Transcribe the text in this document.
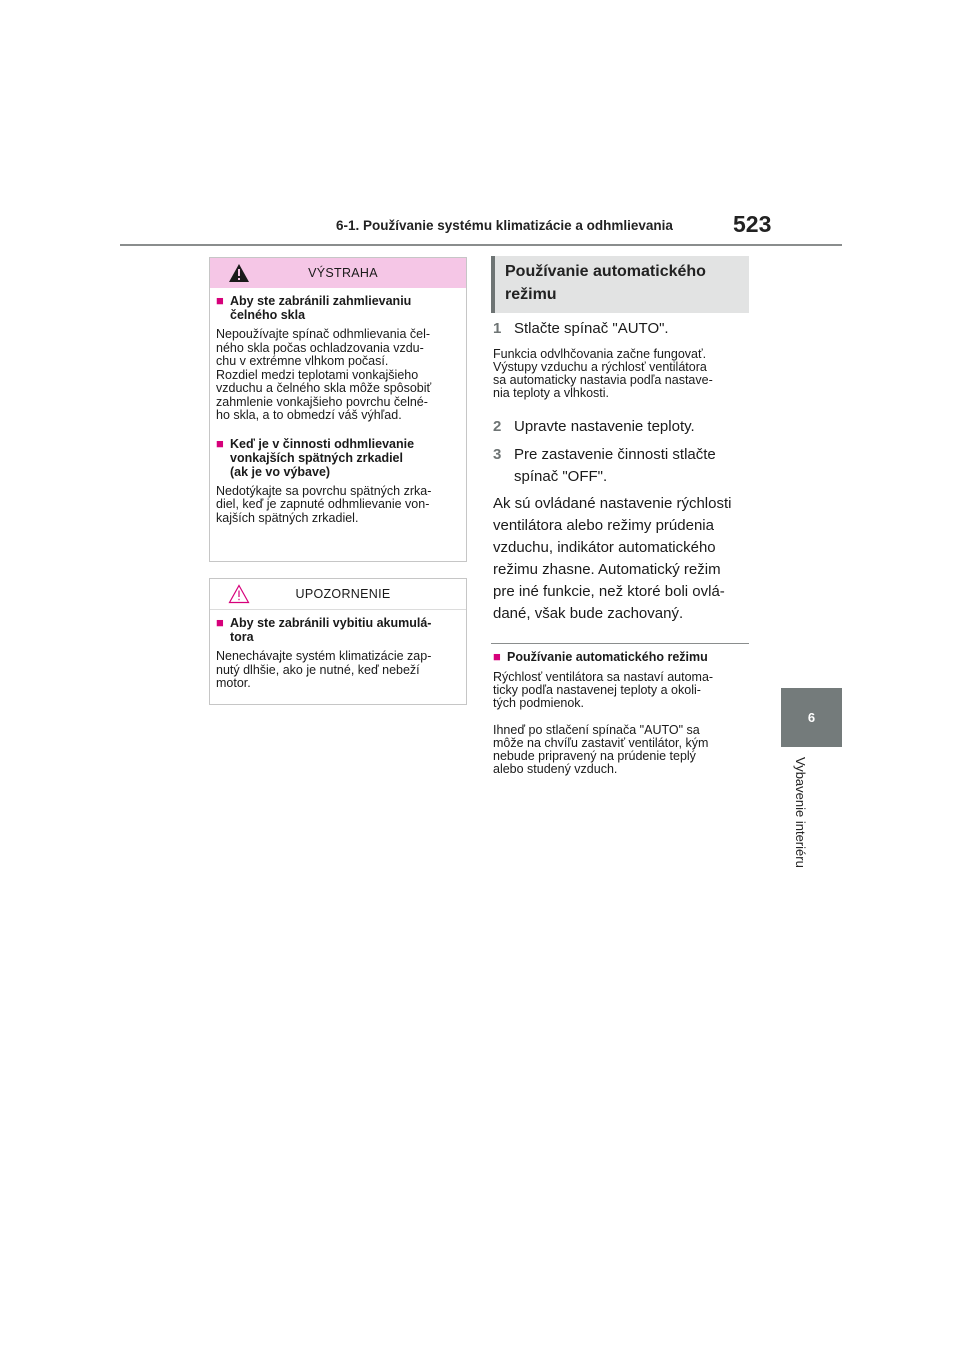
6-1. Používanie systému klimatizácie a odhmlievania	523
6
Vybavenie interiéru
VÝSTRAHA
■ Aby ste zabránili zahmlievaniu
čelného skla

Nepoužívajte spínač odhmlievania čel-

ného skla počas ochladzovania vzdu-

chu v extrémne vlhkom počasí.

Rozdiel medzi teplotami vonkajšieho

vzduchu a čelného skla môže spôsobiť

zahmlenie vonkajšieho povrchu čelné-

ho skla, a to obmedzí váš výhľad.

■ Keď je v činnosti odhmlievanie
vonkajších spätných zrkadiel
(ak je vo výbave)

Nedotýkajte sa povrchu spätných zrka-

diel, keď je zapnuté odhmlievanie von-

kajších spätných zrkadiel.

UPOZORNENIE
■ Aby ste zabránili vybitiu akumulá-
tora

Nenechávajte systém klimatizácie zap-

nutý dlhšie, ako je nutné, keď nebeží

motor.

Používanie automatického
režimu
1 Stlačte spínač "AUTO".
Funkcia odvlhčovania začne fungovať.
Výstupy vzduchu a rýchlosť ventilátora
sa automaticky nastavia podľa nastave-
nia teploty a vlhkosti.
2 Upravte nastavenie teploty.
3 Pre zastavenie činnosti stlačte
spínač "OFF".
Ak sú ovládané nastavenie rýchlosti
ventilátora alebo režimy prúdenia
vzduchu, indikátor automatického
režimu zhasne. Automatický režim
pre iné funkcie, než ktoré boli ovlá-
dané, však bude zachovaný.
■ Používanie automatického režimu
Rýchlosť ventilátora sa nastaví automa-
ticky podľa nastavenej teploty a okoli-
tých podmienok.
Ihneď po stlačení spínača "AUTO" sa
môže na chvíľu zastaviť ventilátor, kým
nebude pripravený na prúdenie teplý
alebo studený vzduch.
